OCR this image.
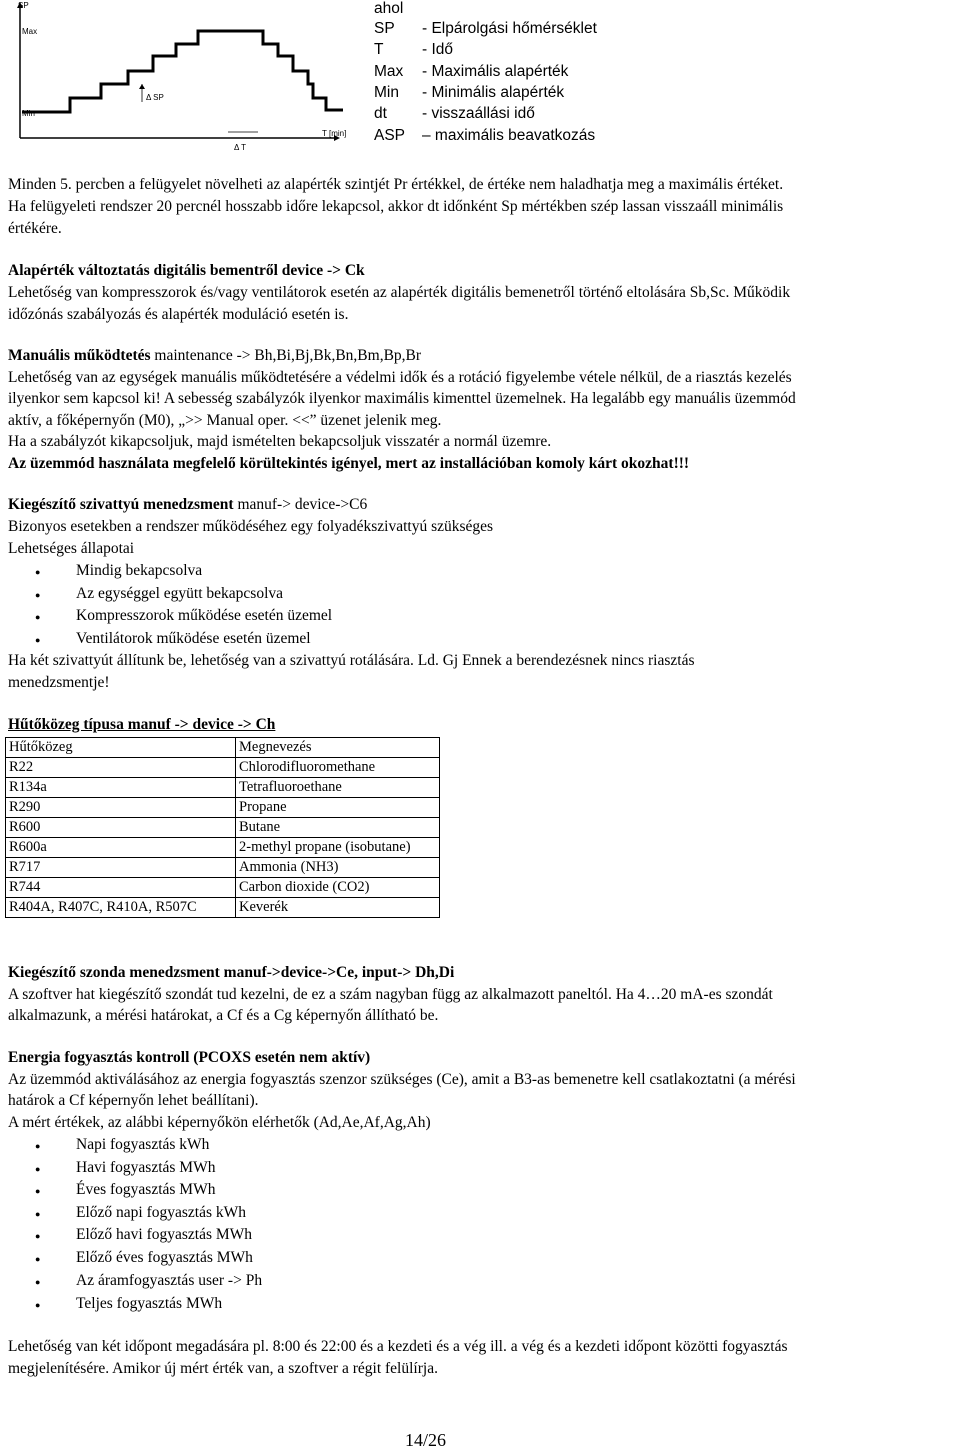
SP
Max
Min
Δ SP
Δ T
T [min]
ahol
SP - Elpárolgási hőmérséklet
T - Idő
Max - Maximális alapérték
Min - Minimális alapérték
dt - visszaállási idő
ASP – maximális beavatkozás
Minden 5. percben a felügyelet növelheti az alapérték szintjét Pr értékkel, de értéke nem haladhatja meg a maximális értéket.
Ha felügyeleti rendszer 20 percnél hosszabb időre lekapcsol, akkor dt időnként Sp mértékben szép lassan visszaáll minimális
értékére.
Alapérték változtatás digitális bementről device -> Ck
Lehetőség van kompresszorok és/vagy ventilátorok esetén az alapérték digitális bemenetről történő eltolására Sb,Sc. Működik
időzónás szabályozás és alapérték moduláció esetén is.
Manuális működtetés maintenance -> Bh,Bi,Bj,Bk,Bn,Bm,Bp,Br
Lehetőség van az egységek manuális működtetésére a védelmi idők és a rotáció figyelembe vétele nélkül, de a riasztás kezelés
ilyenkor sem kapcsol ki! A sebesség szabályzók ilyenkor maximális kimenttel üzemelnek. Ha legalább egy manuális üzemmód
aktív, a főképernyőn (M0), „>> Manual oper. <<” üzenet jelenik meg.
Ha a szabályzót kikapcsoljuk, majd ismételten bekapcsoljuk visszatér a normál üzemre.
Az üzemmód használata megfelelő körültekintés igényel, mert az installációban komoly kárt okozhat!!!
Kiegészítő szivattyú menedzsment manuf-> device->C6
Bizonyos esetekben a rendszer működéséhez egy folyadékszivattyú szükséges
Lehetséges állapotai
Mindig bekapcsolva
Az egységgel együtt bekapcsolva
Kompresszorok működése esetén üzemel
Ventilátorok működése esetén üzemel
Ha két szivattyút állítunk be, lehetőség van a szivattyú rotálására. Ld. Gj Ennek a berendezésnek nincs riasztás
menedzsmentje!
Hűtőközeg típusa manuf -> device -> Ch
Hűtőközeg	Megnevezés
R22	Chlorodifluoromethane
R134a	Tetrafluoroethane
R290	Propane
R600	Butane
R600a	2-methyl propane (isobutane)
R717	Ammonia (NH3)
R744	Carbon dioxide (CO2)
R404A, R407C, R410A, R507C	Keverék
Kiegészítő szonda menedzsment manuf->device->Ce, input-> Dh,Di
A szoftver hat kiegészítő szondát tud kezelni, de ez a szám nagyban függ az alkalmazott paneltól. Ha 4…20 mA-es szondát
alkalmazunk, a mérési határokat, a Cf és a Cg képernyőn állítható be.
Energia fogyasztás kontroll (PCOXS esetén nem aktív)
Az üzemmód aktiválásához az energia fogyasztás szenzor szükséges (Ce), amit a B3-as bemenetre kell csatlakoztatni (a mérési
határok a Cf képernyőn lehet beállítani).
A mért értékek, az alábbi képernyőkön elérhetők (Ad,Ae,Af,Ag,Ah)
Napi fogyasztás kWh
Havi fogyasztás MWh
Éves fogyasztás MWh
Előző napi fogyasztás kWh
Előző havi fogyasztás MWh
Előző éves fogyasztás MWh
Az áramfogyasztás user -> Ph
Teljes fogyasztás MWh
Lehetőség van két időpont megadására pl. 8:00 és 22:00 és a kezdeti és a vég ill. a vég és a kezdeti időpont közötti fogyasztás
megjelenítésére. Amikor új mért érték van, a szoftver a régit felülírja.
14/26
